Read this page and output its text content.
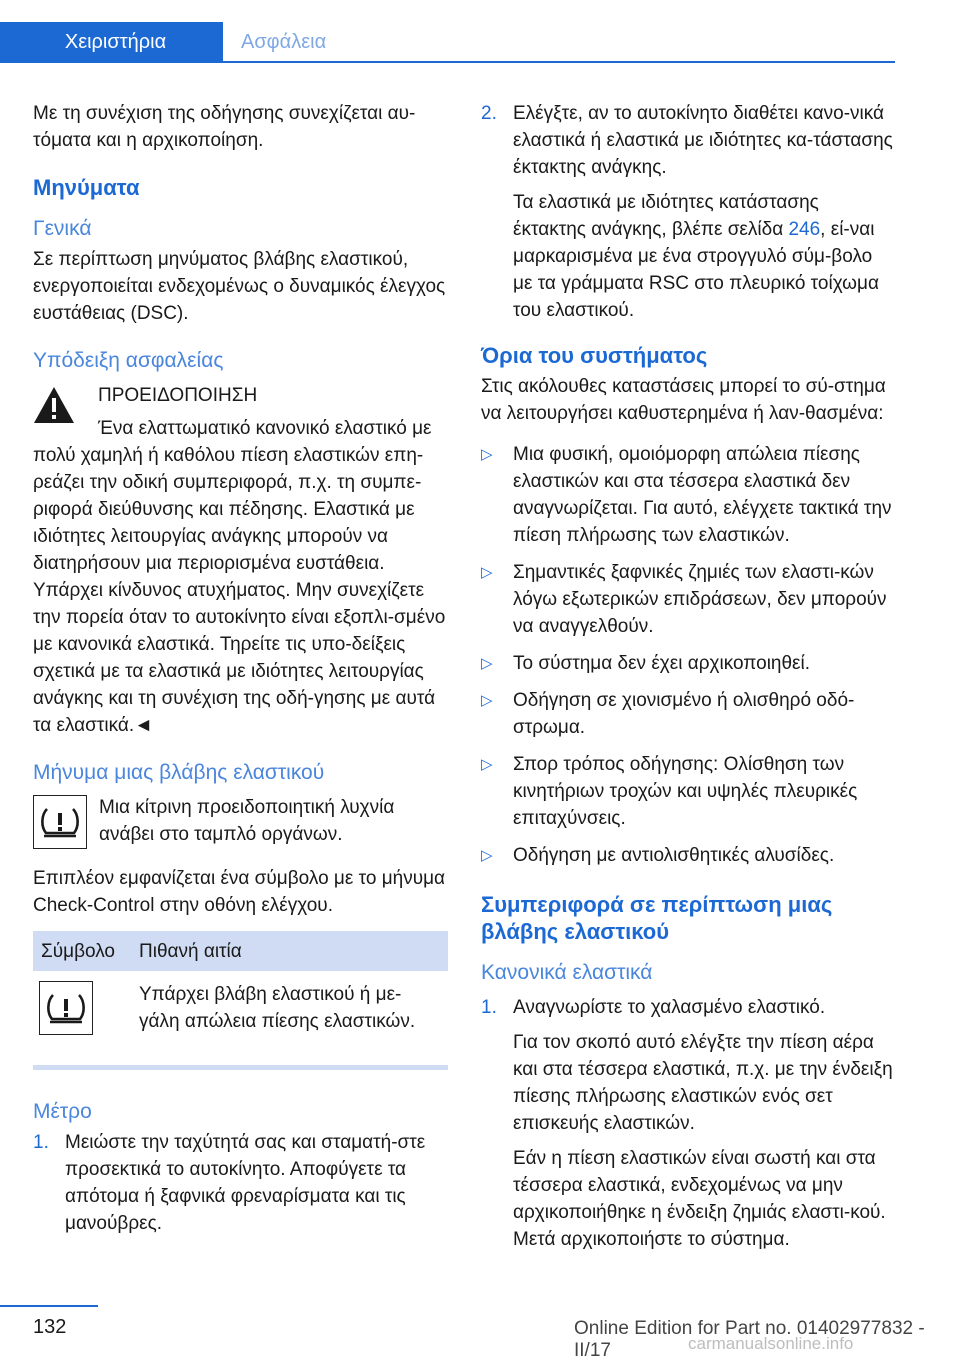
Χειριστήρια	Ασφάλεια

Με τη συνέχιση της οδήγησης συνεχίζεται αυ-τόματα και η αρχικοποίηση.

Μηνύματα
Γενικά

Σε περίπτωση μηνύματος βλάβης ελαστικού, ενεργοποιείται ενδεχομένως ο δυναμικός έλεγχος ευστάθειας (DSC).

Υπόδειξη ασφαλείας

ΠΡΟΕΙΔΟΠΟΙΗΣΗ

Ένα ελαττωματικό κανονικό ελαστικό με πολύ χαμηλή ή καθόλου πίεση ελαστικών επη-ρεάζει την οδική συμπεριφορά, π.χ. τη συμπε-ριφορά διεύθυνσης και πέδησης. Ελαστικά με ιδιότητες λειτουργίας ανάγκης μπορούν να διατηρήσουν μια περιορισμένα ευστάθεια. Υπάρχει κίνδυνος ατυχήματος. Μην συνεχίζετε την πορεία όταν το αυτοκίνητο είναι εξοπλι-σμένο με κανονικά ελαστικά. Τηρείτε τις υπο-δείξεις σχετικά με τα ελαστικά με ιδιότητες λειτουργίας ανάγκης και τη συνέχιση της οδή-γησης με αυτά τα ελαστικά.◄

Μήνυμα μιας βλάβης ελαστικού

Μια κίτρινη προειδοποιητική λυχνία ανάβει στο ταμπλό οργάνων.

Επιπλέον εμφανίζεται ένα σύμβολο με το μήνυμα Check-Control στην οθόνη ελέγχου.

Σύμβολο	Πιθανή αιτία

	Υπάρχει βλάβη ελαστικού ή με-γάλη απώλεια πίεσης ελαστικών.
Μέτρο
1. Μειώστε την ταχύτητά σας και σταματή-στε προσεκτικά το αυτοκίνητο. Αποφύγετε τα απότομα ή ξαφνικά φρεναρίσματα και τις μανούβρες.
2. Ελέγξτε, αν το αυτοκίνητο διαθέτει κανο-νικά ελαστικά ή ελαστικά με ιδιότητες κα-τάστασης έκτακτης ανάγκης.

Τα ελαστικά με ιδιότητες κατάστασης έκτακτης ανάγκης, βλέπε σελίδα 246, εί-ναι μαρκαρισμένα με ένα στρογγυλό σύμ-βολο με τα γράμματα RSC στο πλευρικό τοίχωμα του ελαστικού.

Όρια του συστήματος

Στις ακόλουθες καταστάσεις μπορεί το σύ-στημα να λειτουργήσει καθυστερημένα ή λαν-θασμένα:

▷ Μια φυσική, ομοιόμορφη απώλεια πίεσης ελαστικών και στα τέσσερα ελαστικά δεν αναγνωρίζεται. Για αυτό, ελέγχετε τακτικά την πίεση πλήρωσης των ελαστικών.
▷ Σημαντικές ξαφνικές ζημιές των ελαστι-κών λόγω εξωτερικών επιδράσεων, δεν μπορούν να αναγγελθούν.
▷ Το σύστημα δεν έχει αρχικοποιηθεί.
▷ Οδήγηση σε χιονισμένο ή ολισθηρό οδό-στρωμα.
▷ Σπορ τρόπος οδήγησης: Ολίσθηση των κινητήριων τροχών και υψηλές πλευρικές επιταχύνσεις.
▷ Οδήγηση με αντιολισθητικές αλυσίδες.
Συμπεριφορά σε περίπτωση μιας βλάβης ελαστικού
Κανονικά ελαστικά
1. Αναγνωρίστε το χαλασμένο ελαστικό.

Για τον σκοπό αυτό ελέγξτε την πίεση αέρα και στα τέσσερα ελαστικά, π.χ. με την ένδειξη πίεσης πλήρωσης ελαστικών ενός σετ επισκευής ελαστικών.

Εάν η πίεση ελαστικών είναι σωστή και στα τέσσερα ελαστικά, ενδεχομένως να μην αρχικοποιήθηκε η ένδειξη ζημιάς ελαστι-κού. Μετά αρχικοποιήστε το σύστημα.

132	Online Edition for Part no. 01402977832 - II/17	carmanualsonline.info
